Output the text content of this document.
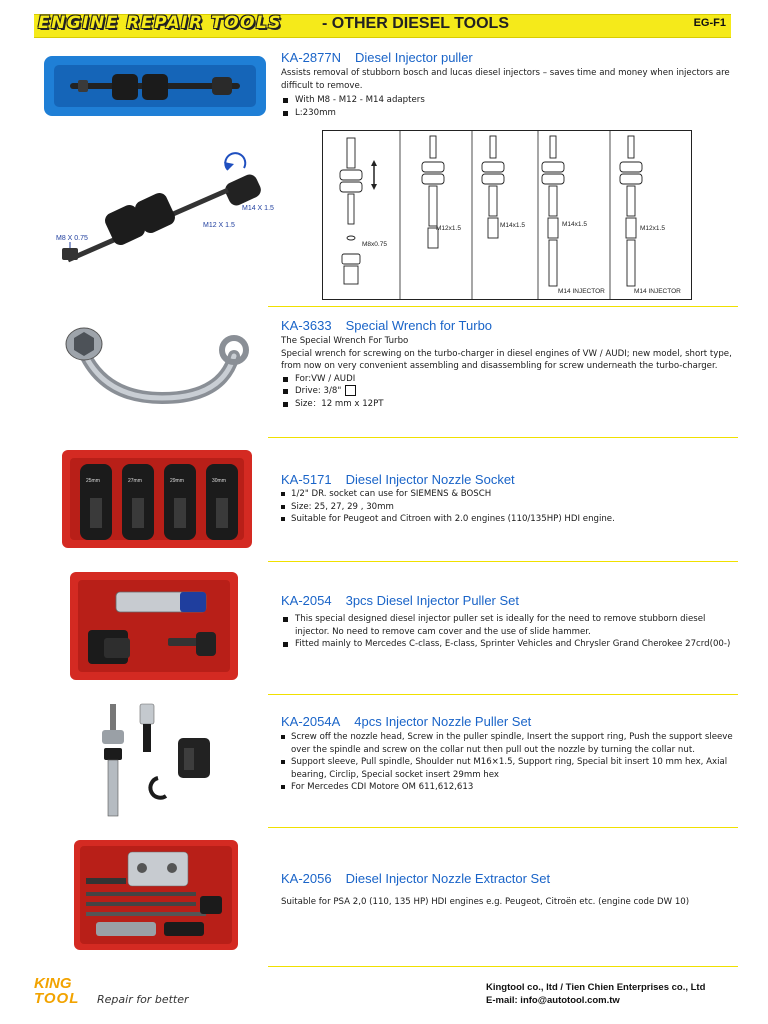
ENGINE REPAIR TOOLS - OTHER DIESEL TOOLS	EG-F1
M8 X 0.75
M12 X 1.5
M14 X 1.5
KA-2877N Diesel Injector puller

Assists removal of stubborn bosch and lucas diesel injectors – saves time and money when injectors are difficult to remove.

With M8 - M12 - M14 adapters
L:230mm
M8x0.75
M12x1.5	M14x1.5	M14x1.5
M14 INJECTOR
M12x1.5
M14 INJECTOR
KA-3633 Special Wrench for Turbo

The Special Wrench For Turbo

Special wrench for screwing on the turbo-charger in diesel engines of VW / AUDI; new model, short type, from now on very convenient assembling and disassembling for screw underneath the turbo-charger.

For:VW / AUDI
Drive: 3/8"
Size：12 mm x 12PT
25mm	27mm	29mm	30mm	KA-5171 Diesel Injector Nozzle Socket
1/2" DR. socket can use for SIEMENS & BOSCH
Size: 25, 27, 29 , 30mm
Suitable for Peugeot and Citroen with 2.0 engines (110/135HP) HDI engine.
KA-2054 3pcs Diesel Injector Puller Set
This special designed diesel injector puller set is ideally for the need to remove stubborn diesel injector. No need to remove cam cover and the use of slide hammer.
Fitted mainly to Mercedes C-class, E-class, Sprinter Vehicles and Chrysler Grand Cherokee 27crd(00-)
KA-2054A 4pcs Injector Nozzle Puller Set
Screw off the nozzle head, Screw in the puller spindle, Insert the support ring, Push the support sleeve over the spindle and screw on the collar nut then pull out the nozzle by turning the collar nut.
Support sleeve, Pull spindle, Shoulder nut M16×1.5, Support ring, Special bit insert 10 mm hex, Axial bearing, Circlip, Special socket insert 29mm hex
For Mercedes CDI Motore OM 611,612,613
KA-2056 Diesel Injector Nozzle Extractor Set

Suitable for PSA 2,0 (110, 135 HP) HDI engines e.g. Peugeot, Citroën etc. (engine code DW 10)

KING
TOOL Repair for better
Kingtool co., ltd / Tien Chien Enterprises co., Ltd
E-mail: info@autotool.com.tw
